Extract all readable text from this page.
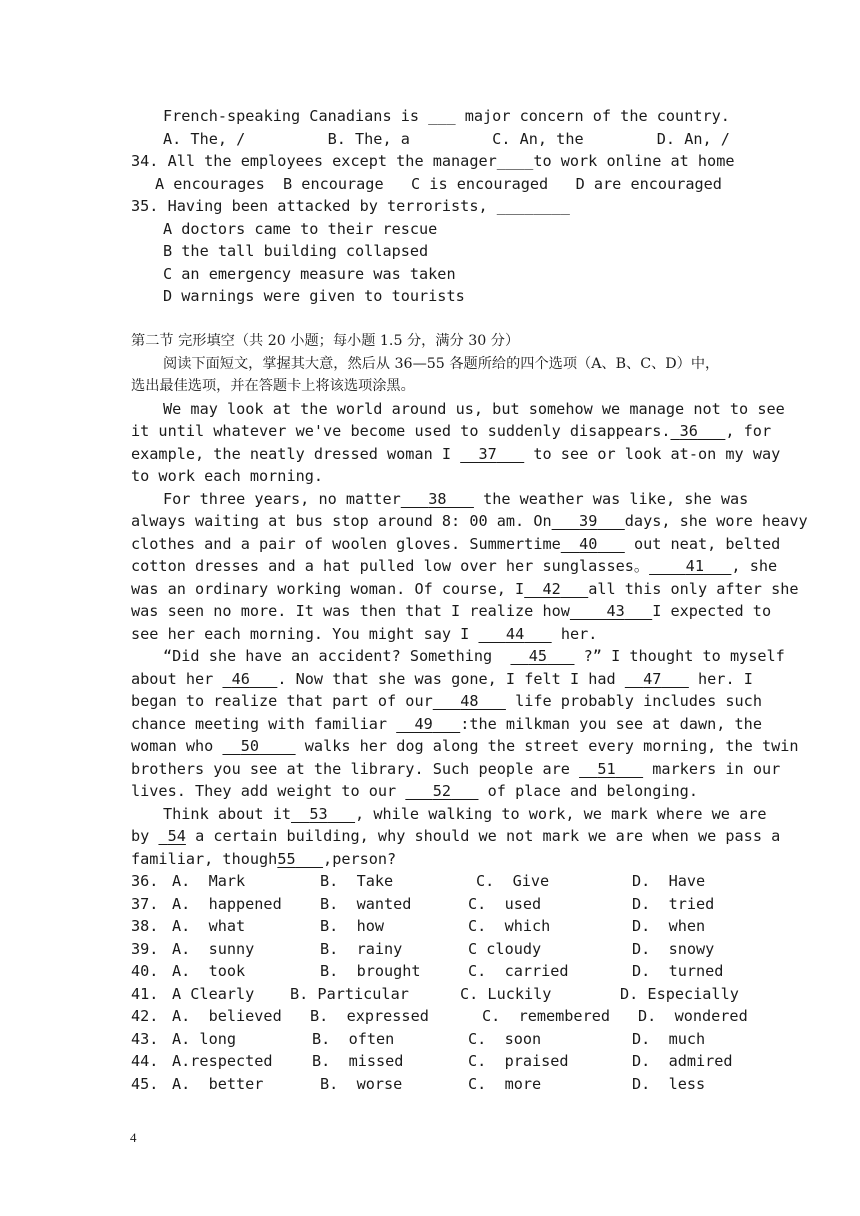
French-speaking Canadians is ___ major concern of the country.
A. The, /         B. The, a         C. An, the        D. An, /
34. All the employees except the manager____to work online at home
A encourages  B encourage   C is encouraged   D are encouraged
35. Having been attacked by terrorists, ________
A doctors came to their rescue
B the tall building collapsed
C an emergency measure was taken
D warnings were given to tourists
第二节 完形填空（共 20 小题；每小题 1.5 分，满分 30 分）
阅读下面短文，掌握其大意，然后从 36—55 各题所给的四个选项（A、B、C、D）中，
选出最佳选项，并在答题卡上将该选项涂黑。
We may look at the world around us, but somehow we manage not to see
it until whatever we've become used to suddenly disappears. 36 , for
example, the neatly dressed woman I 37 to see or look at-on my way
to work each morning.
For three years, no matter 38 the weather was like, she was
always waiting at bus stop around 8: 00 am. On 39 days, she wore heavy
clothes and a pair of woolen gloves. Summertime 40 out neat, belted
cotton dresses and a hat pulled low over her sunglasses。 41 , she
was an ordinary working woman. Of course, I 42 all this only after she
was seen no more. It was then that I realize how 43 I expected to
see her each morning. You might say I 44 her.
“Did she have an accident? Something 45 ?” I thought to myself
about her 46 . Now that she was gone, I felt I had 47 her. I
began to realize that part of our 48 life probably includes such
chance meeting with familiar 49 :the milkman you see at dawn, the
woman who 50	walks her dog along the street every morning, the twin
brothers you see at the library. Such people are 51 markers in our
lives. They add weight to our 52 of place and belonging.
Think about it 53 , while walking to work, we mark where we are
by 54 a certain building, why should we not mark we are when we pass a
familiar, though55 ,person?
36. A.  Mark	B.  Take	C.  Give	D.  Have
37. A.  happened	B.  wanted	C.  used	D.  tried
38. A.  what	B.  how	C.  which	D.  when
39. A.  sunny	B.  rainy	C cloudy	D.  snowy
40. A.  took	B.  brought	C.  carried	D.  turned
41. A Clearly B. Particular	C. Luckily	D. Especially
42. A.  believed B.  expressed	C.  remembered D.  wondered
43. A. long	B.  often	C.  soon	D.  much
44. A.respected	B.  missed	C.  praised	D.  admired
45. A.  better	B.  worse	C.  more	D.  less
4
